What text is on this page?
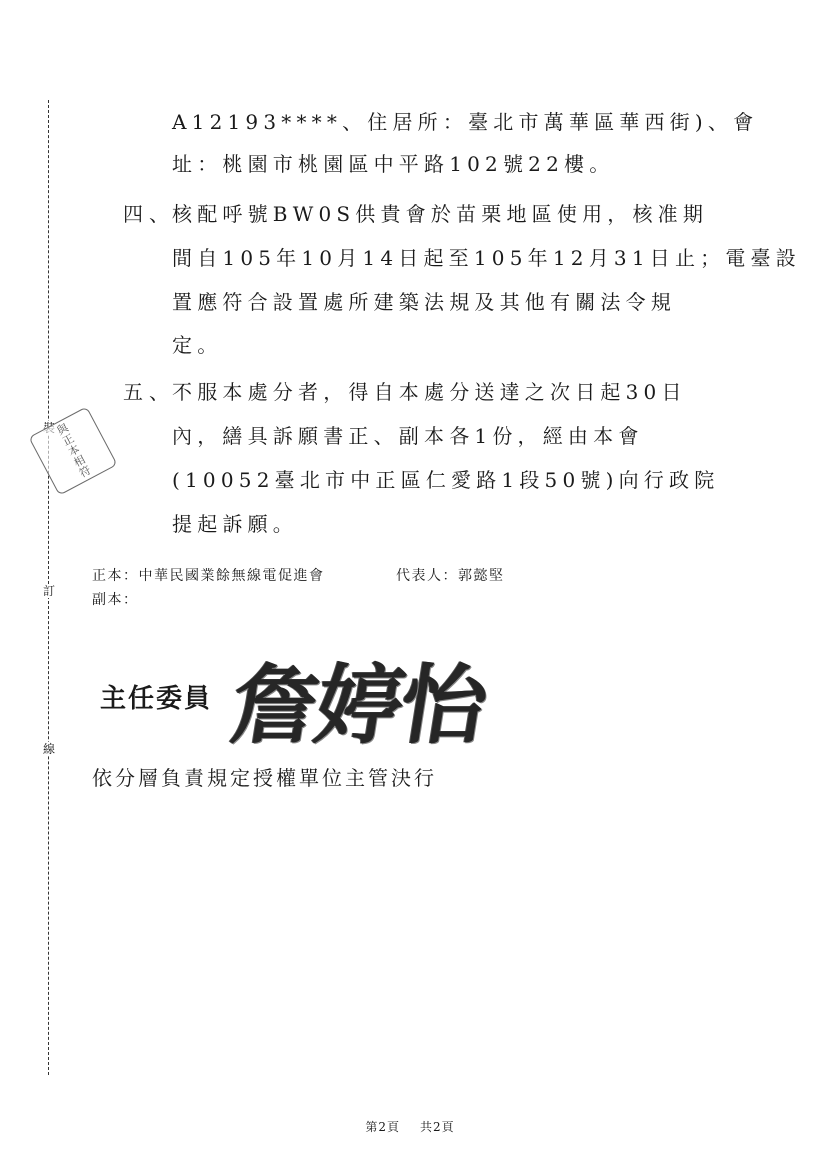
訂
線
與正本相符
A12193****、住居所：臺北市萬華區華西街)、會
址：桃園市桃園區中平路102號22樓。
四、
核配呼號BW0S供貴會於苗栗地區使用，核准期
間自105年10月14日起至105年12月31日止；電臺設
置應符合設置處所建築法規及其他有關法令規
定。
五、
不服本處分者，得自本處分送達之次日起30日
內，繕具訴願書正、副本各1份，經由本會
(10052臺北市中正區仁愛路1段50號)向行政院
提起訴願。
正本：中華民國業餘無線電促進會	代表人：郭懿堅
副本：
主任委員 詹婷怡
依分層負責規定授權單位主管決行
第2頁 共2頁
